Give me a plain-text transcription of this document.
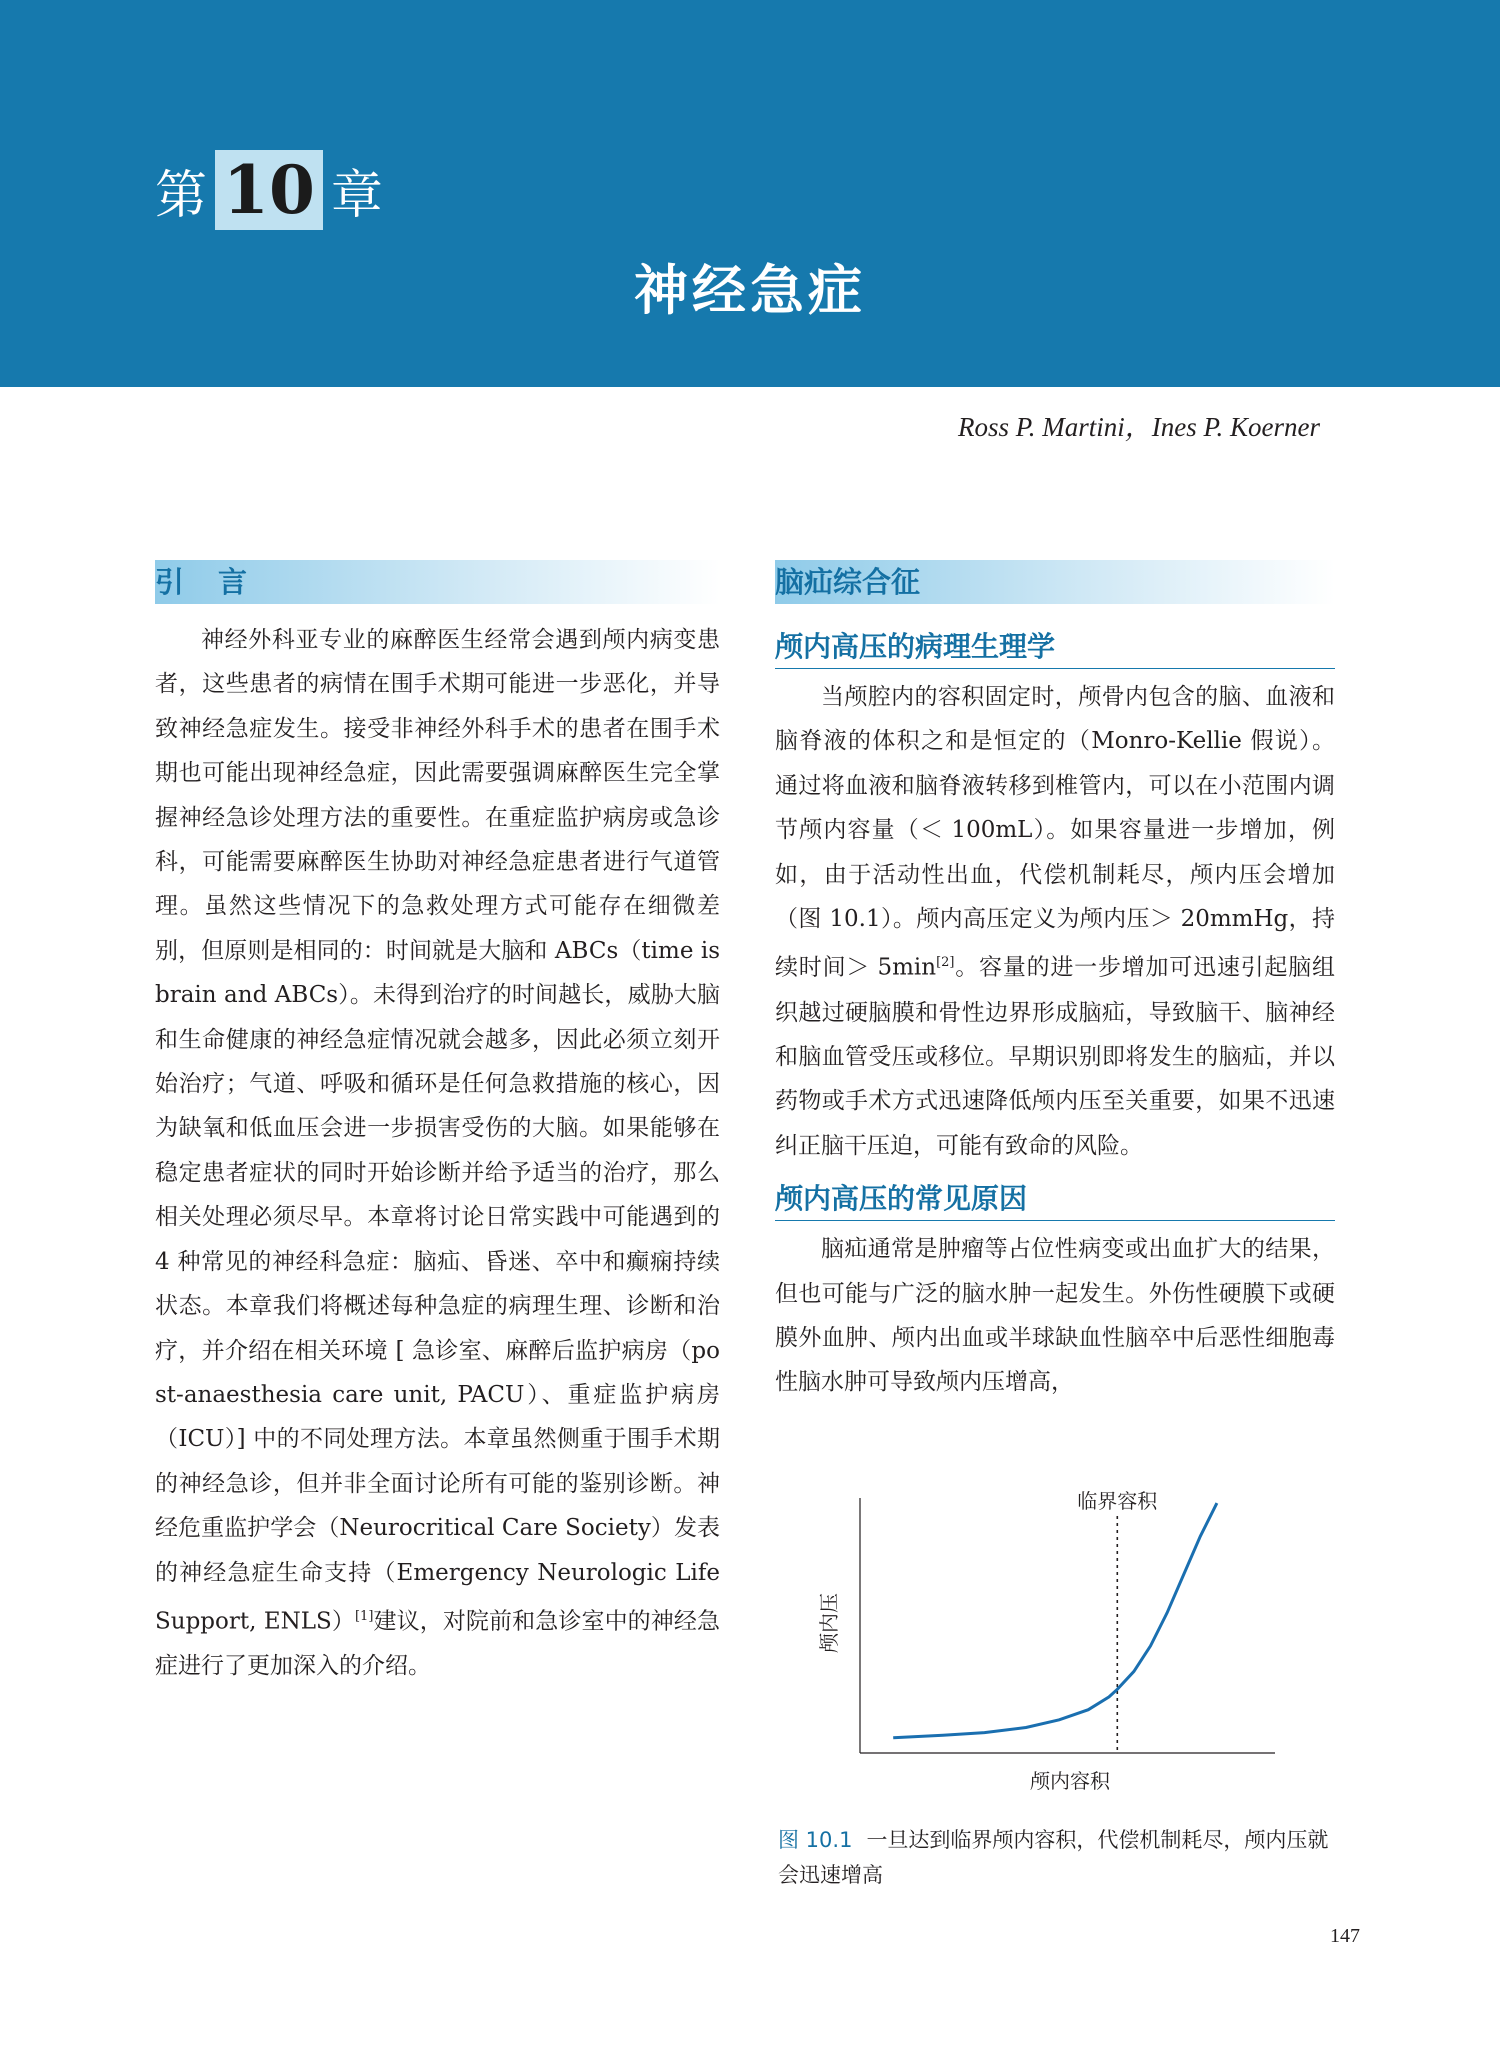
第 10 章
神经急症
Ross P. Martini，Ines P. Koerner
引言

神经外科亚专业的麻醉医生经常会遇到颅内病变患者，这些患者的病情在围手术期可能进一步恶化，并导致神经急症发生。接受非神经外科手术的患者在围手术期也可能出现神经急症，因此需要强调麻醉医生完全掌握神经急诊处理方法的重要性。在重症监护病房或急诊科，可能需要麻醉医生协助对神经急症患者进行气道管理。虽然这些情况下的急救处理方式可能存在细微差别，但原则是相同的：时间就是大脑和 ABCs（time is brain and ABCs）。未得到治疗的时间越长，威胁大脑和生命健康的神经急症情况就会越多，因此必须立刻开始治疗；气道、呼吸和循环是任何急救措施的核心，因为缺氧和低血压会进一步损害受伤的大脑。如果能够在稳定患者症状的同时开始诊断并给予适当的治疗，那么相关处理必须尽早。本章将讨论日常实践中可能遇到的 4 种常见的神经科急症：脑疝、昏迷、卒中和癫痫持续状态。本章我们将概述每种急症的病理生理、诊断和治疗，并介绍在相关环境 [ 急诊室、麻醉后监护病房（post-anaesthesia care unit, PACU）、重症监护病房（ICU）] 中的不同处理方法。本章虽然侧重于围手术期的神经急诊，但并非全面讨论所有可能的鉴别诊断。神经危重监护学会（Neurocritical Care Society）发表的神经急症生命支持（Emergency Neurologic Life Support, ENLS）[1]建议，对院前和急诊室中的神经急症进行了更加深入的介绍。

脑疝综合征
颅内高压的病理生理学

当颅腔内的容积固定时，颅骨内包含的脑、血液和脑脊液的体积之和是恒定的（Monro-Kellie 假说）。通过将血液和脑脊液转移到椎管内，可以在小范围内调节颅内容量（＜ 100mL）。如果容量进一步增加，例如，由于活动性出血，代偿机制耗尽，颅内压会增加（图 10.1）。颅内高压定义为颅内压＞ 20mmHg，持续时间＞ 5min[2]。容量的进一步增加可迅速引起脑组织越过硬脑膜和骨性边界形成脑疝，导致脑干、脑神经和脑血管受压或移位。早期识别即将发生的脑疝，并以药物或手术方式迅速降低颅内压至关重要，如果不迅速纠正脑干压迫，可能有致命的风险。

颅内高压的常见原因

脑疝通常是肿瘤等占位性病变或出血扩大的结果，但也可能与广泛的脑水肿一起发生。外伤性硬膜下或硬膜外血肿、颅内出血或半球缺血性脑卒中后恶性细胞毒性脑水肿可导致颅内压增高，

临界容积
颅内容积
颅内压
图 10.1 一旦达到临界颅内容积，代偿机制耗尽，颅内压就会迅速增高
147
